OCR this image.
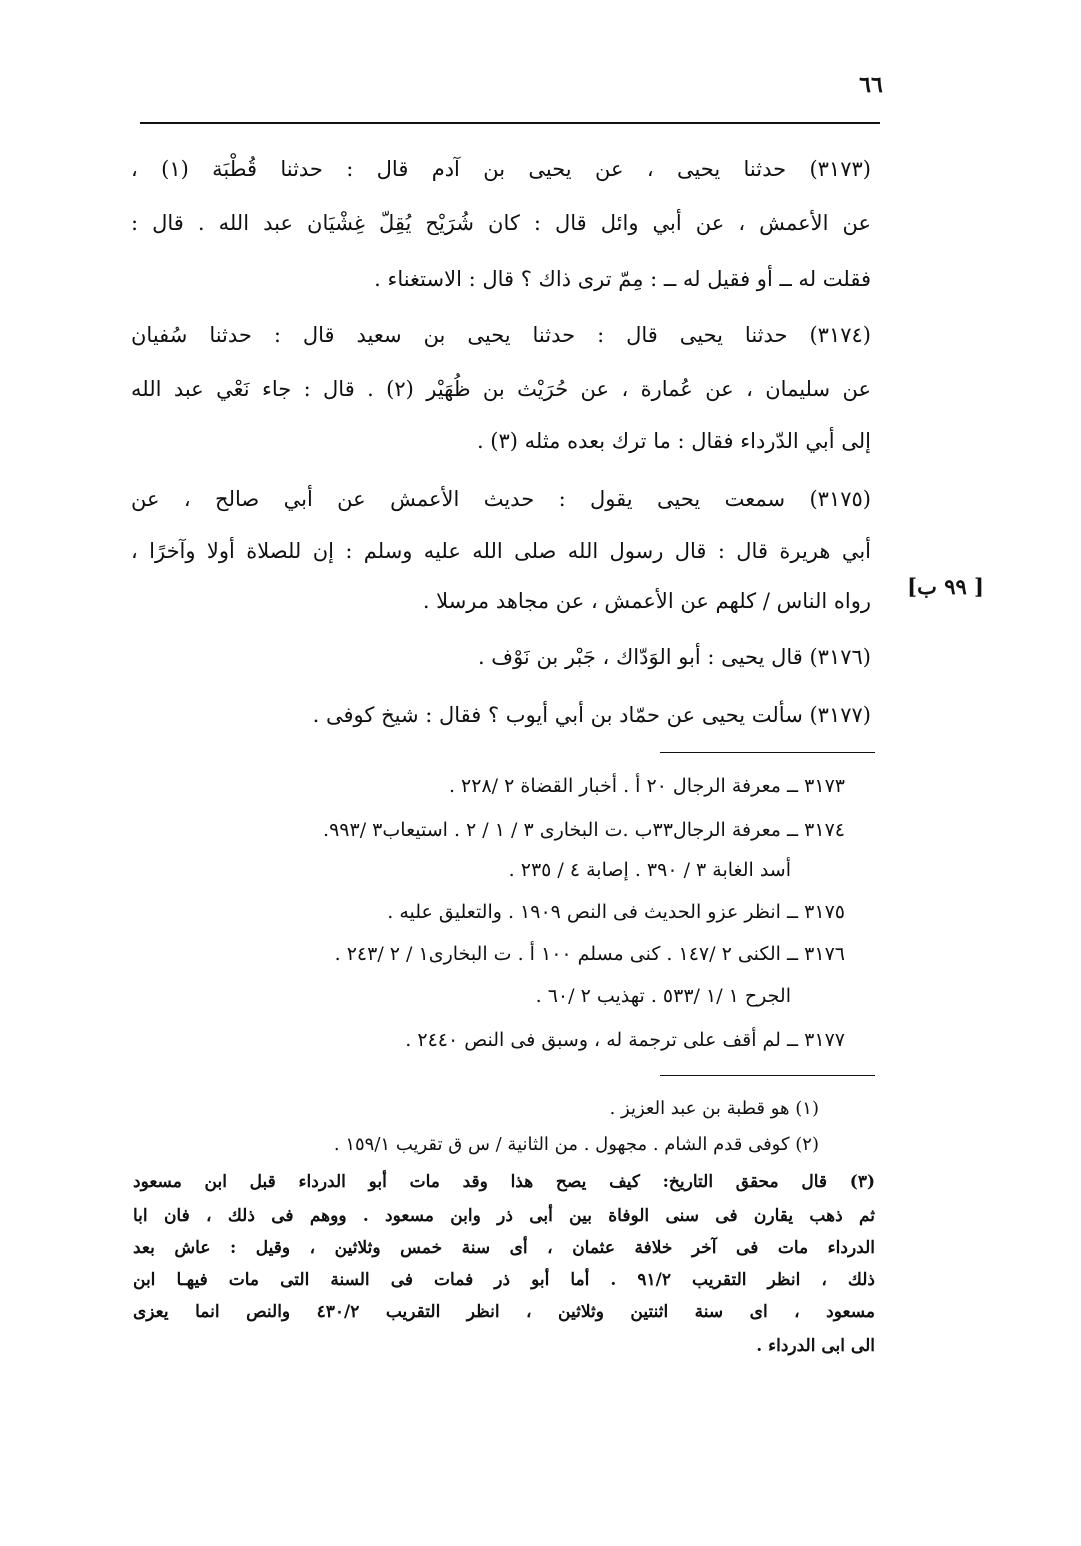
٦٦
(٣١٧٣) حدثنا يحيى ، عن يحيى بن آدم قال : حدثنا قُطْبَة (١) ،
عن الأعمش ، عن أبي وائل قال : كان شُرَيْح يُقِلّ غِشْيَان عبد الله . قال :
فقلت له ــ أو فقيل له ــ : مِمّ ترى ذاك ؟ قال : الاستغناء .
(٣١٧٤) حدثنا يحيى قال : حدثنا يحيى بن سعيد قال : حدثنا سُفيان
عن سليمان ، عن عُمارة ، عن حُرَيْث بن ظُهَيْر (٢) . قال : جاء نَعْي عبد الله
إلى أبي الدّرداء فقال : ما ترك بعده مثله (٣) .
(٣١٧٥) سمعت يحيى يقول : حديث الأعمش عن أبي صالح ، عن
أبي هريرة قال : قال رسول الله صلى الله عليه وسلم : إن للصلاة أولا وآخرًا ،
رواه الناس / كلهم عن الأعمش ، عن مجاهد مرسلا .
(٣١٧٦) قال يحيى : أبو الوَدّاك ، جَبْر بن نَوْف .
(٣١٧٧) سألت يحيى عن حمّاد بن أبي أيوب ؟ فقال : شيخ كوفى .
[ ٩٩ ب]
٣١٧٣ ــ معرفة الرجال ٢٠ أ . أخبار القضاة ٢ /٢٢٨ .
٣١٧٤ ــ معرفة الرجال٣٣ب .ت البخارى ٣ / ١ / ٢ . استيعاب٣ /٩٩٣.
أسد الغابة ٣ / ٣٩٠ . إصابة ٤ / ٢٣٥ .
٣١٧٥ ــ انظر عزو الحديث فى النص ١٩٠٩ . والتعليق عليه .
٣١٧٦ ــ الكنى ٢ /١٤٧ . كنى مسلم ١٠٠ أ . ت البخارى١ / ٢ /٢٤٣ .
الجرح ١ /١ /٥٣٣ . تهذيب ٢ /٦٠ .
٣١٧٧ ــ لم أقف على ترجمة له ، وسبق فى النص ٢٤٤٠ .
(١) هو قطبة بن عبد العزيز .
(٢) كوفى قدم الشام . مجهول . من الثانية / س ق تقريب ١٥٩/١ .
(٣) قال محقق التاريخ: كيف يصح هذا وقد مات أبو الدرداء قبل ابن مسعود
ثم ذهب يقارن فى سنى الوفاة بين أبى ذر وابن مسعود . ووهم فى ذلك ، فان ابا
الدرداء مات فى آخر خلافة عثمان ، أى سنة خمس وثلاثين ، وقيل : عاش بعد
ذلك ، انظر التقريب ٩١/٢ . أما أبو ذر فمات فى السنة التى مات فيهـا ابن
مسعود ، اى سنة اثنتين وثلاثين ، انظر التقريب ٤٣٠/٢ والنص انما يعزى
الى ابى الدرداء .
